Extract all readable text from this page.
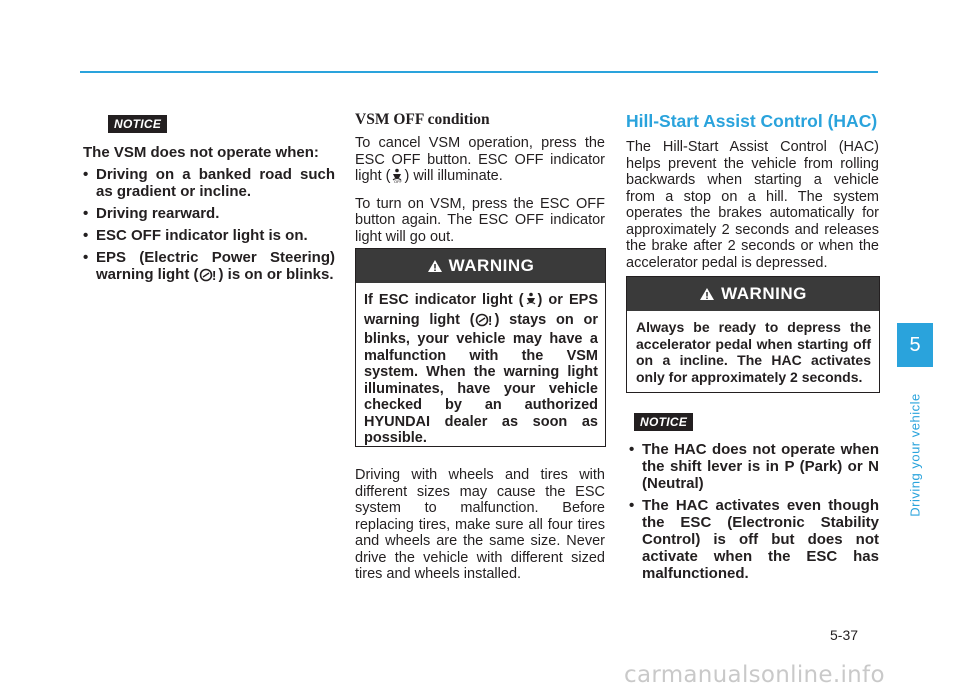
NOTICE

The VSM does not operate when:

• Driving on a banked road such as gradient or incline.
• Driving rearward.
• ESC OFF indicator light is on.
• EPS (Electric Power Steering) warning light ( ! ) is on or blinks.

VSM OFF condition

To cancel VSM operation, press the ESC OFF button. ESC OFF indicator light ( OFF ) will illuminate.

To turn on VSM, press the ESC OFF button again. The ESC OFF indicator light will go out.

WARNING
If ESC indicator light ( ) or EPS warning light ( ! ) stays on or blinks, your vehicle may have a malfunction with the VSM system. When the warning light illuminates, have your vehicle checked by an authorized HYUNDAI dealer as soon as possible.

Driving with wheels and tires with different sizes may cause the ESC system to malfunction. Before replacing tires, make sure all four tires and wheels are the same size. Never drive the vehicle with different sized tires and wheels installed.

Hill-Start Assist Control (HAC)

The Hill-Start Assist Control (HAC) helps prevent the vehicle from rolling backwards when starting a vehicle from a stop on a hill. The system operates the brakes automatically for approximately 2 seconds and releases the brake after 2 seconds or when the accelerator pedal is depressed.

WARNING
Always be ready to depress the accelerator pedal when starting off on a incline. The HAC activates only for approximately 2 seconds.
NOTICE
• The HAC does not operate when the shift lever is in P (Park) or N (Neutral)
• The HAC activates even though the ESC (Electronic Stability Control) is off but does not activate when the ESC has malfunctioned.
5
Driving your vehicle
5-37
carmanualsonline.info
